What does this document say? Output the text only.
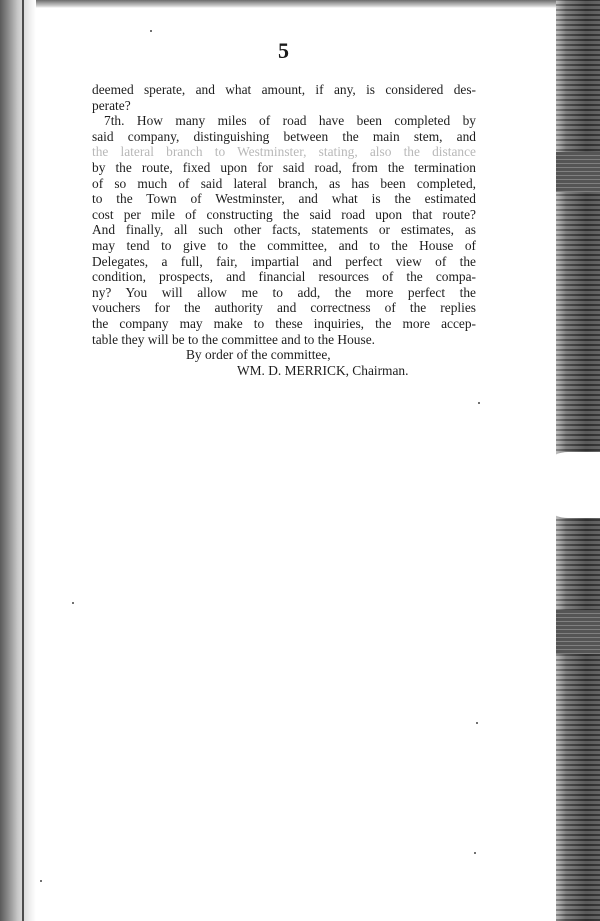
5
deemed sperate, and what amount, if any, is considered des-
perate?
7th. How many miles of road have been completed by
said company, distinguishing between the main stem, and
the lateral branch to Westminster, stating, also the distance
by the route, fixed upon for said road, from the termination
of so much of said lateral branch, as has been completed,
to the Town of Westminster, and what is the estimated
cost per mile of constructing the said road upon that route?
And finally, all such other facts, statements or estimates, as
may tend to give to the committee, and to the House of
Delegates, a full, fair, impartial and perfect view of the
condition, prospects, and financial resources of the compa-
ny? You will allow me to add, the more perfect the
vouchers for the authority and correctness of the replies
the company may make to these inquiries, the more accep-
table they will be to the committee and to the House.
By order of the committee,
WM. D. MERRICK, Chairman.
